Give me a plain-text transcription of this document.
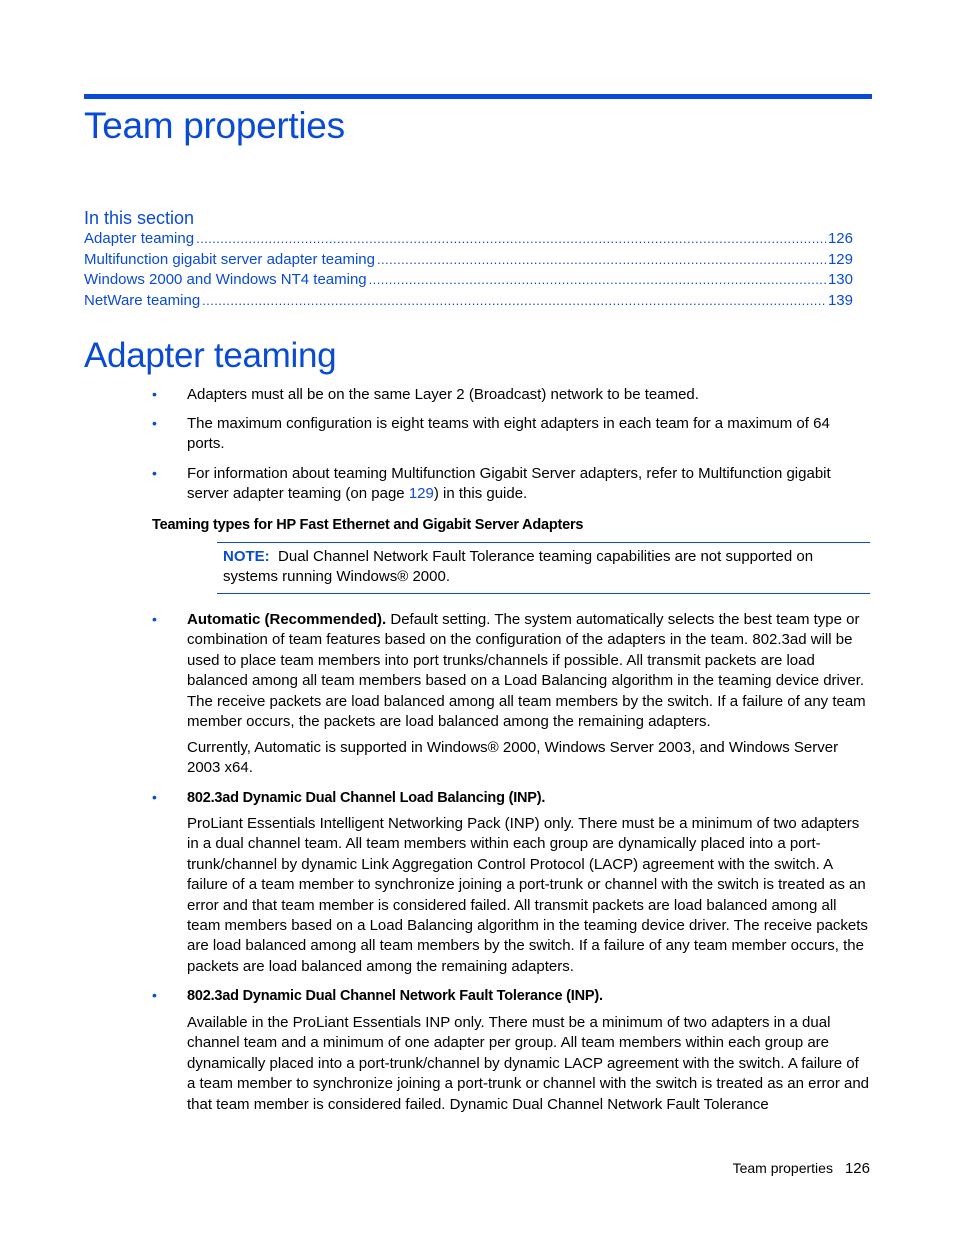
Team properties
In this section
Adapter teaming . . .	126
Multifunction gigabit server adapter teaming . . .	129
Windows 2000 and Windows NT4 teaming . . .	130
NetWare teaming . . .	139
Adapter teaming
•	Adapters must all be on the same Layer 2 (Broadcast) network to be teamed.

•	The maximum configuration is eight teams with eight adapters in each team for a maximum of 64 ports.

•	For information about teaming Multifunction Gigabit Server adapters, refer to Multifunction gigabit server adapter teaming (on page 129) in this guide.

Teaming types for HP Fast Ethernet and Gigabit Server Adapters

NOTE: Dual Channel Network Fault Tolerance teaming capabilities are not supported on systems running Windows® 2000.

•	Automatic (Recommended). Default setting. The system automatically selects the best team type or combination of team features based on the configuration of the adapters in the team. 802.3ad will be used to place team members into port trunks/channels if possible. All transmit packets are load balanced among all team members based on a Load Balancing algorithm in the teaming device driver. The receive packets are load balanced among all team members by the switch. If a failure of any team member occurs, the packets are load balanced among the remaining adapters.

Currently, Automatic is supported in Windows® 2000, Windows Server 2003, and Windows Server 2003 x64.

•	802.3ad Dynamic Dual Channel Load Balancing (INP).

ProLiant Essentials Intelligent Networking Pack (INP) only. There must be a minimum of two adapters in a dual channel team. All team members within each group are dynamically placed into a port-trunk/channel by dynamic Link Aggregation Control Protocol (LACP) agreement with the switch. A failure of a team member to synchronize joining a port-trunk or channel with the switch is treated as an error and that team member is considered failed. All transmit packets are load balanced among all team members based on a Load Balancing algorithm in the teaming device driver. The receive packets are load balanced among all team members by the switch. If a failure of any team member occurs, the packets are load balanced among the remaining adapters.

•	802.3ad Dynamic Dual Channel Network Fault Tolerance (INP).

Available in the ProLiant Essentials INP only. There must be a minimum of two adapters in a dual channel team and a minimum of one adapter per group. All team members within each group are dynamically placed into a port-trunk/channel by dynamic LACP agreement with the switch. A failure of a team member to synchronize joining a port-trunk or channel with the switch is treated as an error and that team member is considered failed. Dynamic Dual Channel Network Fault Tolerance

Team properties 126
